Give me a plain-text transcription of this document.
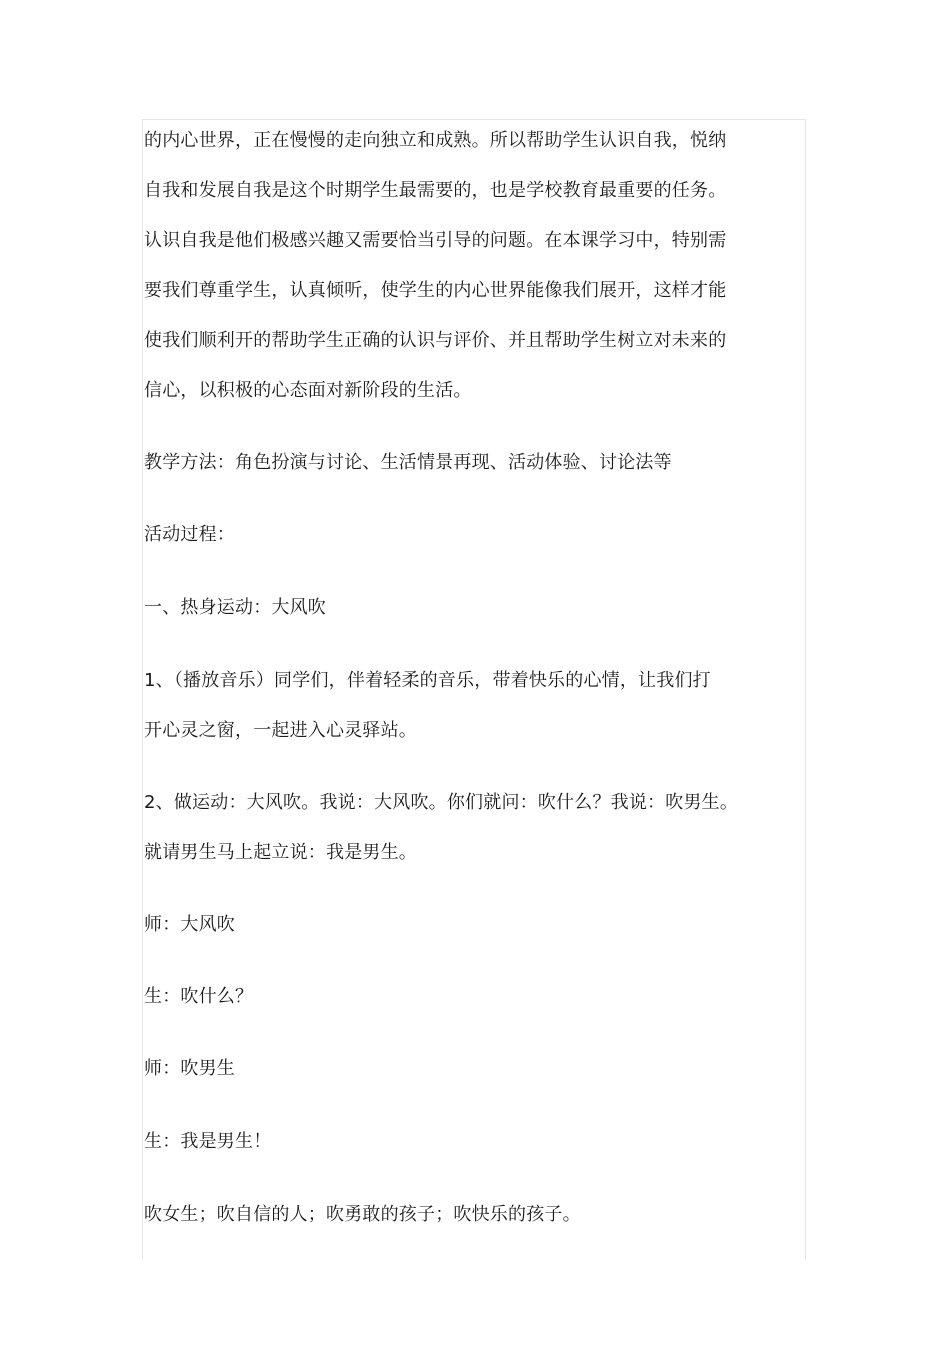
的内心世界，正在慢慢的走向独立和成熟。所以帮助学生认识自我，悦纳
自我和发展自我是这个时期学生最需要的，也是学校教育最重要的任务。
认识自我是他们极感兴趣又需要恰当引导的问题。在本课学习中，特别需
要我们尊重学生，认真倾听，使学生的内心世界能像我们展开，这样才能
使我们顺利开的帮助学生正确的认识与评价、并且帮助学生树立对未来的
信心，以积极的心态面对新阶段的生活。
教学方法：角色扮演与讨论、生活情景再现、活动体验、讨论法等
活动过程：
一、热身运动：大风吹
1、（播放音乐）同学们，伴着轻柔的音乐，带着快乐的心情，让我们打
开心灵之窗，一起进入心灵驿站。
2、做运动：大风吹。我说：大风吹。你们就问：吹什么？我说：吹男生。
就请男生马上起立说：我是男生。
师：大风吹
生：吹什么？
师：吹男生
生：我是男生！
吹女生；吹自信的人；吹勇敢的孩子；吹快乐的孩子。
